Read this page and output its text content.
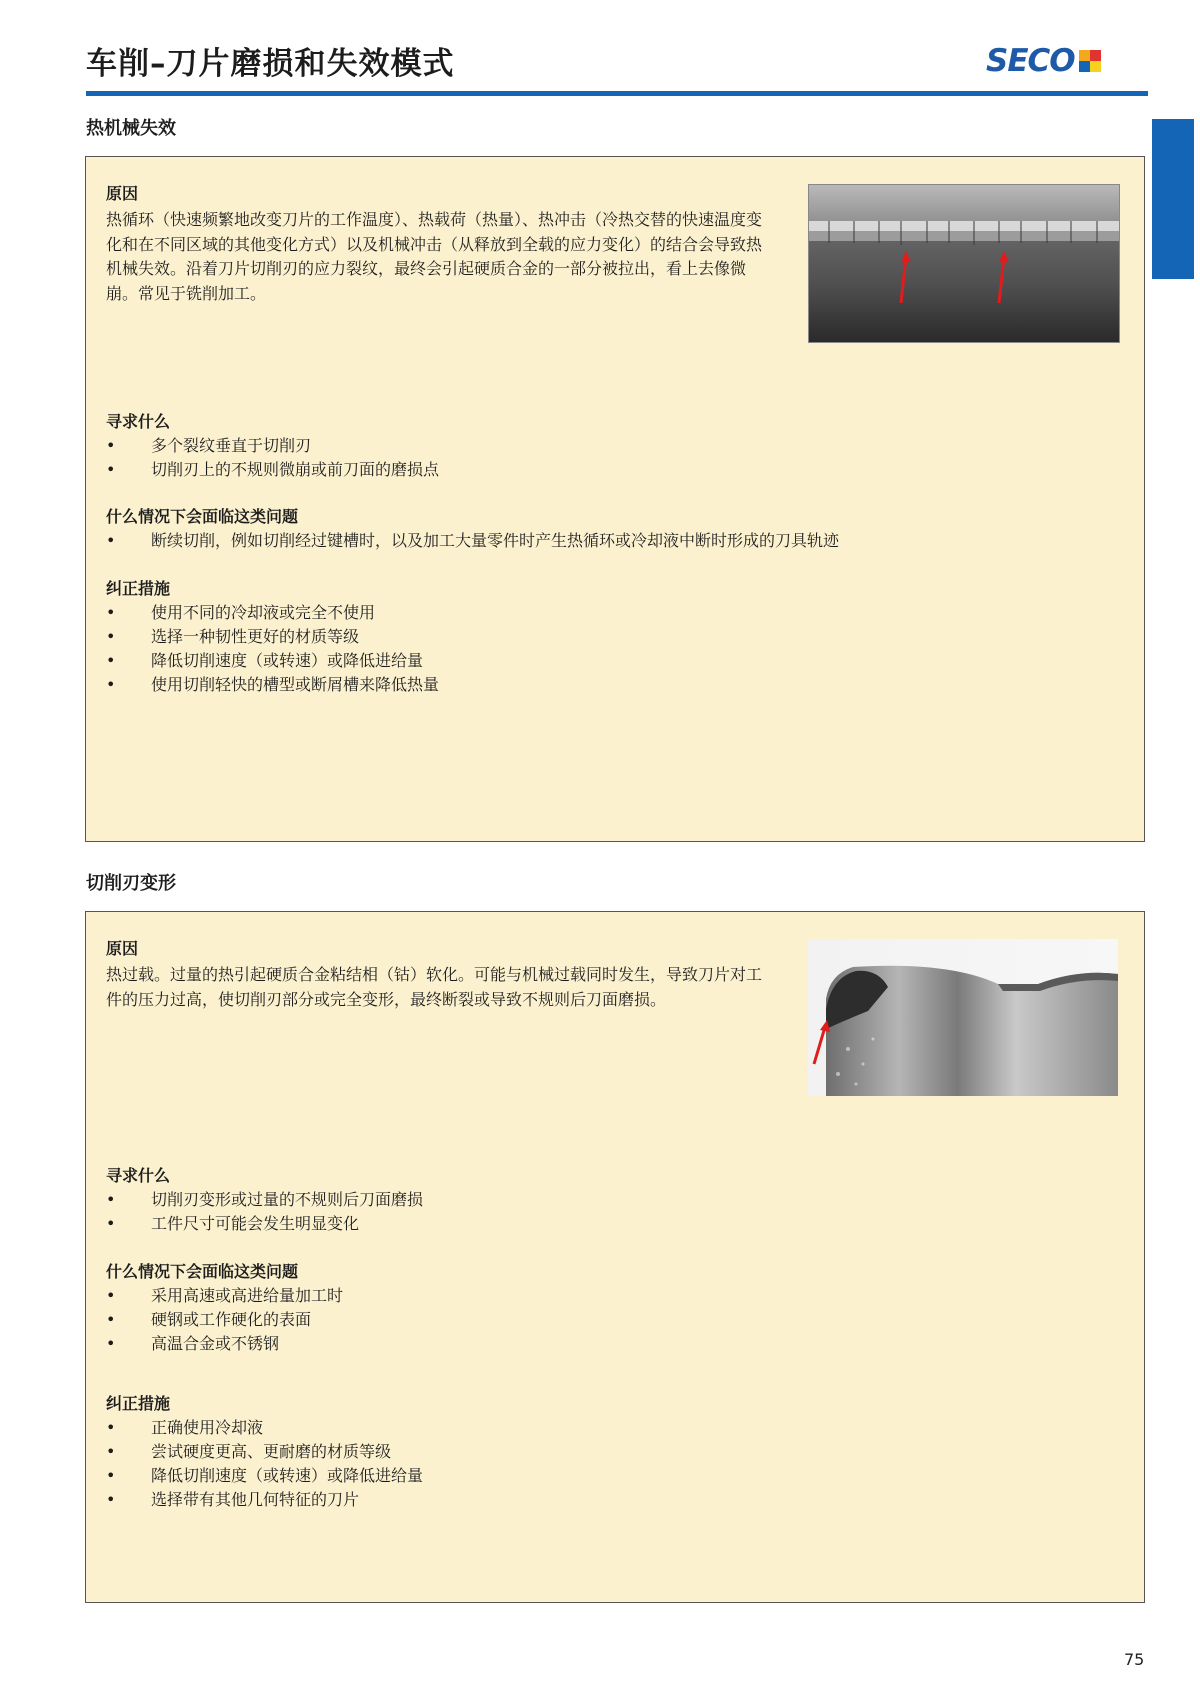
车削–刀片磨损和失效模式	SECO
热机械失效

原因

热循环（快速频繁地改变刀片的工作温度）、热载荷（热量）、热冲击（冷热交替的快速温度变化和在不同区域的其他变化方式）以及机械冲击（从释放到全载的应力变化）的结合会导致热机械失效。沿着刀片切削刃的应力裂纹，最终会引起硬质合金的一部分被拉出，看上去像微崩。常见于铣削加工。

寻求什么

• 多个裂纹垂直于切削刃
• 切削刃上的不规则微崩或前刀面的磨损点

什么情况下会面临这类问题

• 断续切削，例如切削经过键槽时，以及加工大量零件时产生热循环或冷却液中断时形成的刀具轨迹

纠正措施

• 使用不同的冷却液或完全不使用
• 选择一种韧性更好的材质等级
• 降低切削速度（或转速）或降低进给量
• 使用切削轻快的槽型或断屑槽来降低热量
切削刃变形

原因

热过载。过量的热引起硬质合金粘结相（钴）软化。可能与机械过载同时发生，导致刀片对工件的压力过高，使切削刃部分或完全变形，最终断裂或导致不规则后刀面磨损。

寻求什么

• 切削刃变形或过量的不规则后刀面磨损
• 工件尺寸可能会发生明显变化

什么情况下会面临这类问题

• 采用高速或高进给量加工时
• 硬钢或工作硬化的表面
• 高温合金或不锈钢

纠正措施

• 正确使用冷却液
• 尝试硬度更高、更耐磨的材质等级
• 降低切削速度（或转速）或降低进给量
• 选择带有其他几何特征的刀片
75
